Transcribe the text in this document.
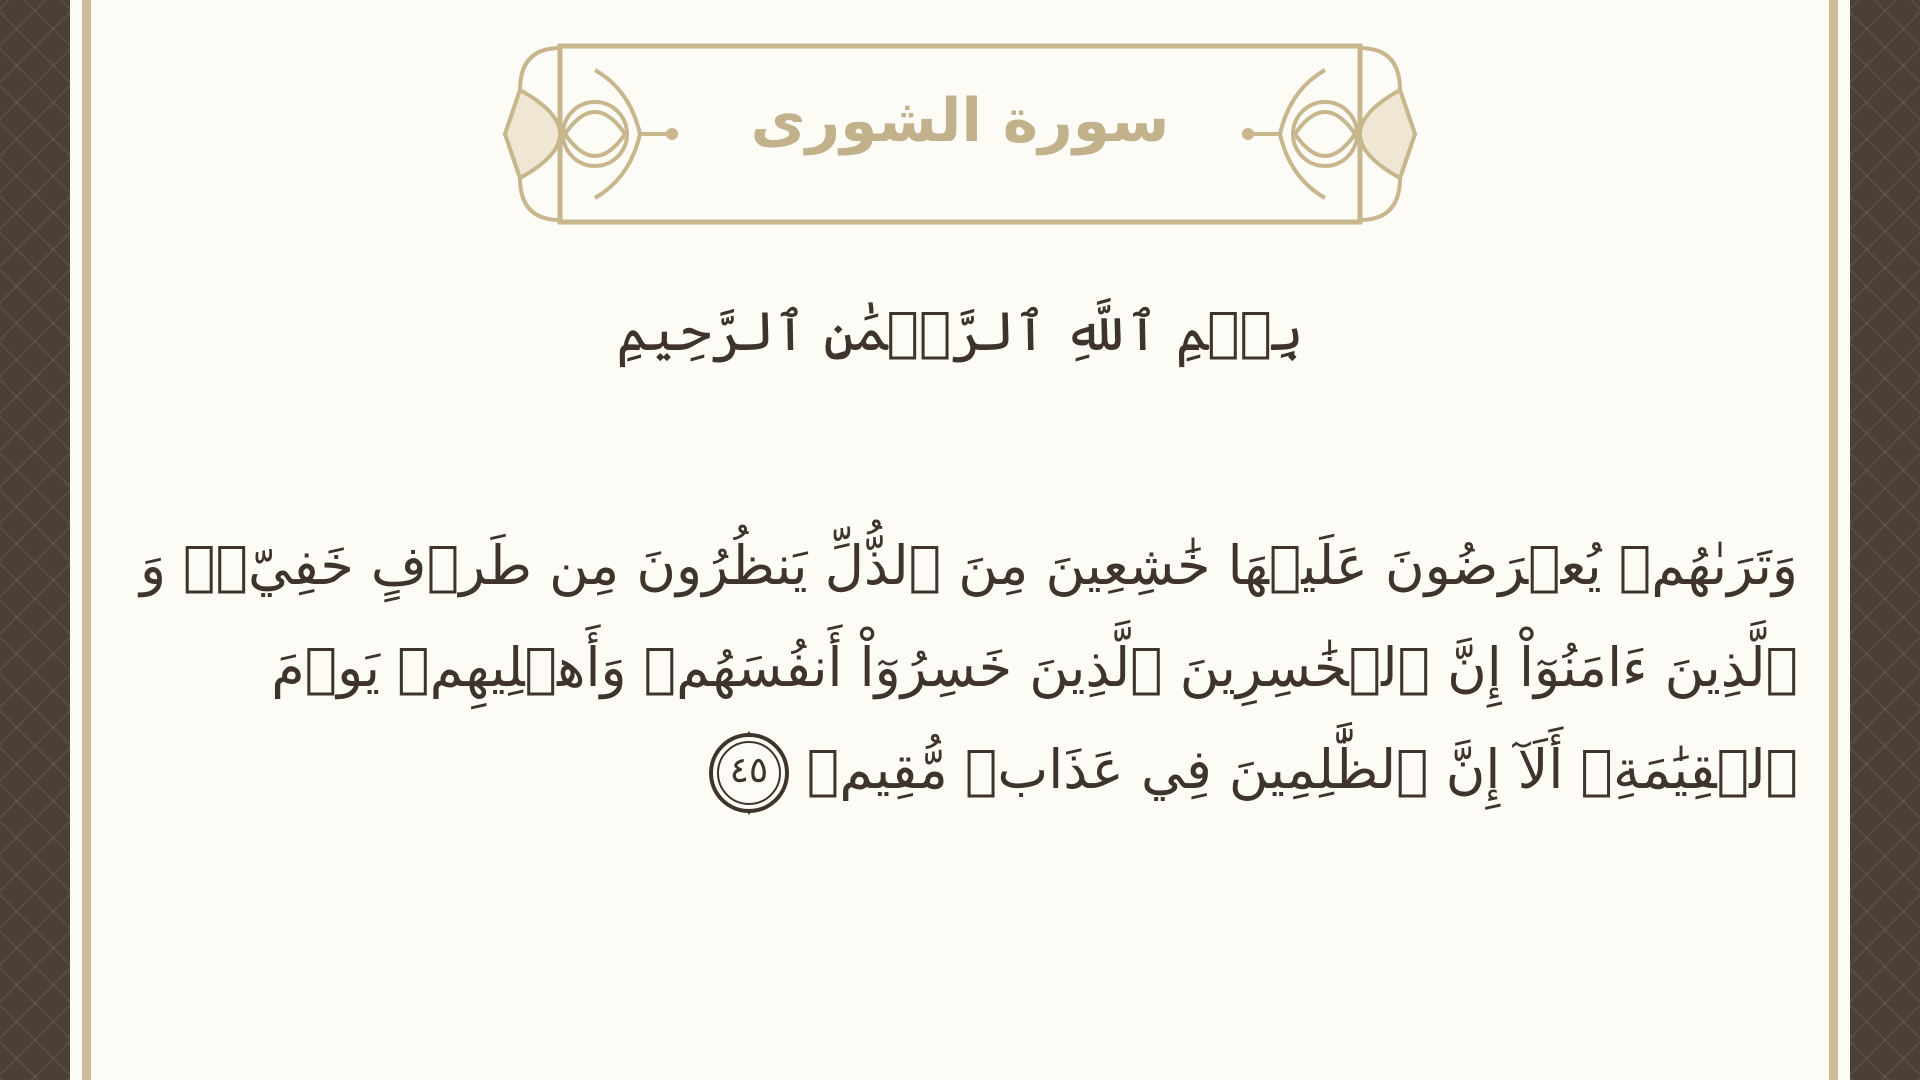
سورة الشورى
بِسۡمِ ٱللَّهِ ٱلرَّحۡمَٰنِ ٱلرَّحِيمِ
وَتَرَىٰهُمۡ يُعۡرَضُونَ عَلَيۡهَا خَٰشِعِينَ مِنَ ٱلذُّلِّ يَنظُرُونَ مِن طَرۡفٍ خَفِيّٖۗ وَ
ٱلَّذِينَ ءَامَنُوٓاْ إِنَّ ٱلۡخَٰسِرِينَ ٱلَّذِينَ خَسِرُوٓاْ أَنفُسَهُمۡ وَأَهۡلِيهِمۡ يَوۡمَ
ٱلۡقِيَٰمَةِۗ أَلَآ إِنَّ ٱلظَّٰلِمِينَ فِي عَذَابٖ مُّقِيمٖ
٤٥
